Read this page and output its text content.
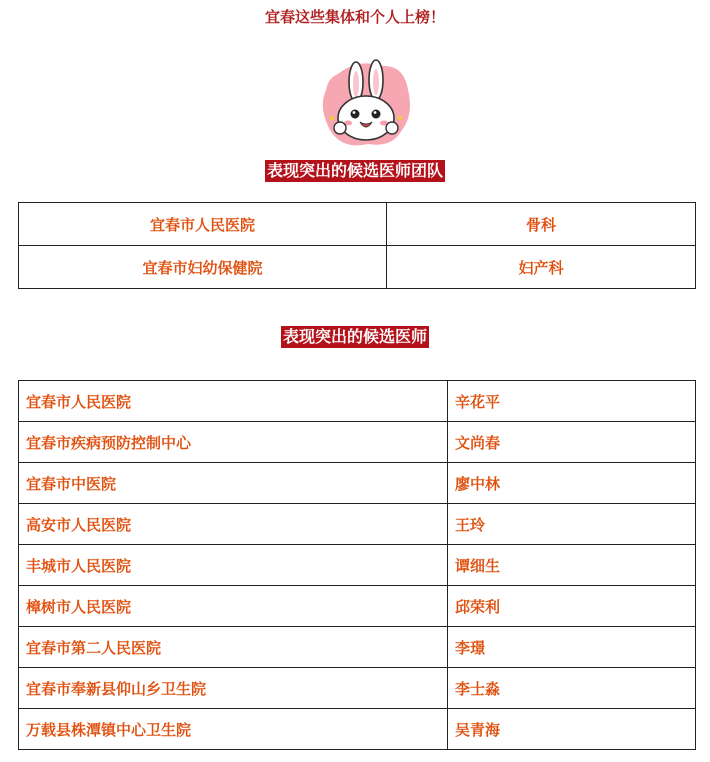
宜春这些集体和个人上榜！
表现突出的候选医师团队
宜春市人民医院	骨科
宜春市妇幼保健院	妇产科
表现突出的候选医师
宜春市人民医院	辛花平
宜春市疾病预防控制中心	文尚春
宜春市中医院	廖中林
高安市人民医院	王玲
丰城市人民医院	谭细生
樟树市人民医院	邱荣利
宜春市第二人民医院	李璟
宜春市奉新县仰山乡卫生院	李士淼
万载县株潭镇中心卫生院	吴青海
